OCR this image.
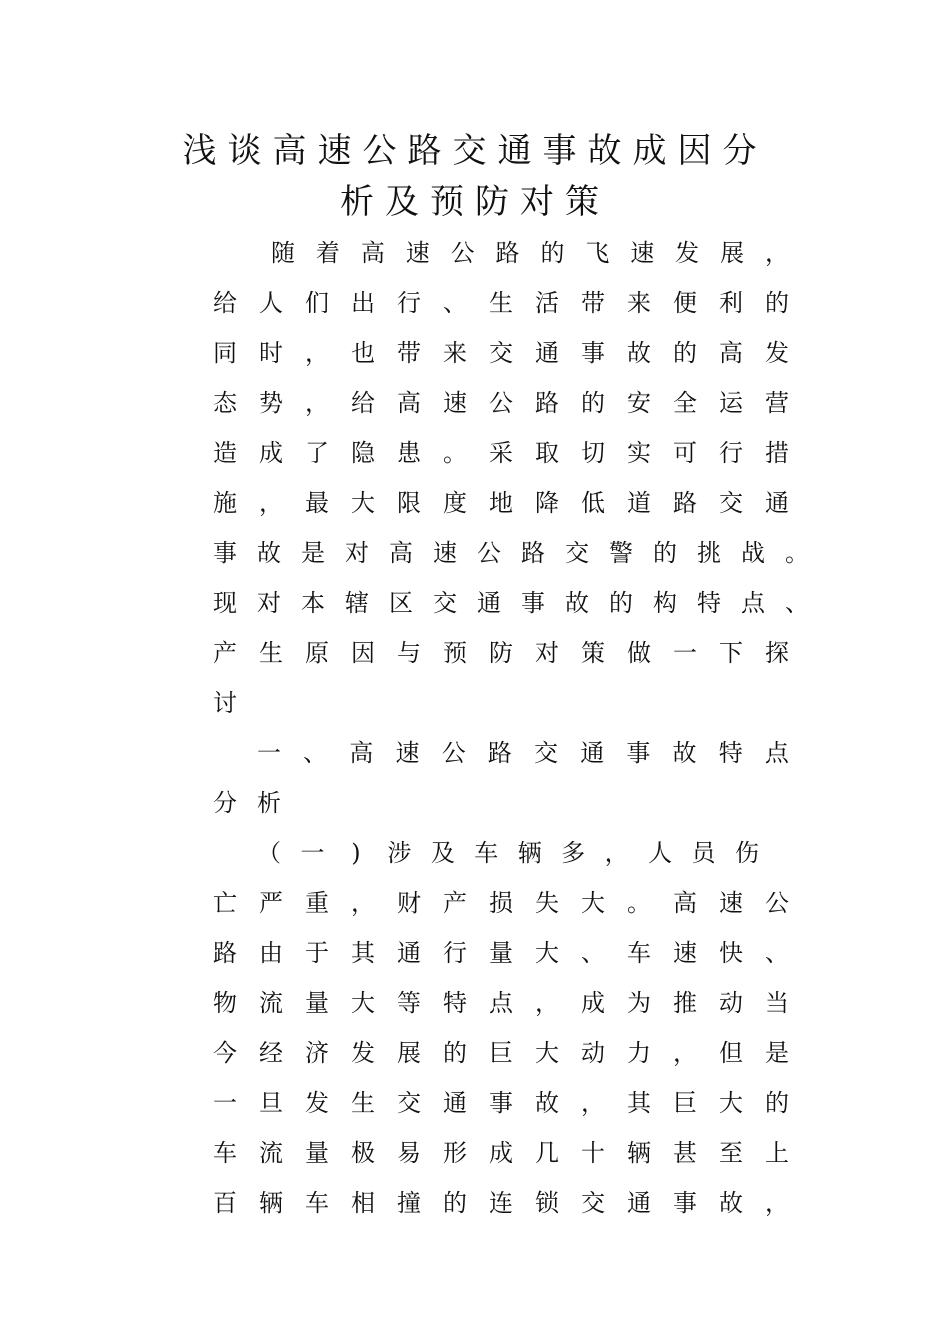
浅谈高速公路交通事故成因分
析及预防对策
随 着 高 速 公 路 的 飞 速 发 展 ，
给 人 们 出 行 、 生 活 带 来 便 利 的
同 时 ， 也 带 来 交 通 事 故 的 高 发
态 势 ， 给 高 速 公 路 的 安 全 运 营
造 成 了 隐 患 。 采 取 切 实 可 行 措
施 ， 最 大 限 度 地 降 低 道 路 交 通
事 故 是 对 高 速 公 路 交 警 的 挑 战 。
现 对 本 辖 区 交 通 事 故 的 构 特 点 、
产 生 原 因 与 预 防 对 策 做 一 下 探
讨
一 、 高 速 公 路 交 通 事 故 特 点
分 析
（ 一	)	涉 及 车 辆 多 ， 人 员 伤
亡 严 重 ， 财 产 损 失 大 。 高 速 公
路 由 于 其 通 行 量 大 、 车 速 快 、
物 流 量 大 等 特 点 ， 成 为 推 动 当
今 经 济 发 展 的 巨 大 动 力 ， 但 是
一 旦 发 生 交 通 事 故 ， 其 巨 大 的
车 流 量 极 易 形 成 几 十 辆 甚 至 上
百 辆 车 相 撞 的 连 锁 交 通 事 故 ，
